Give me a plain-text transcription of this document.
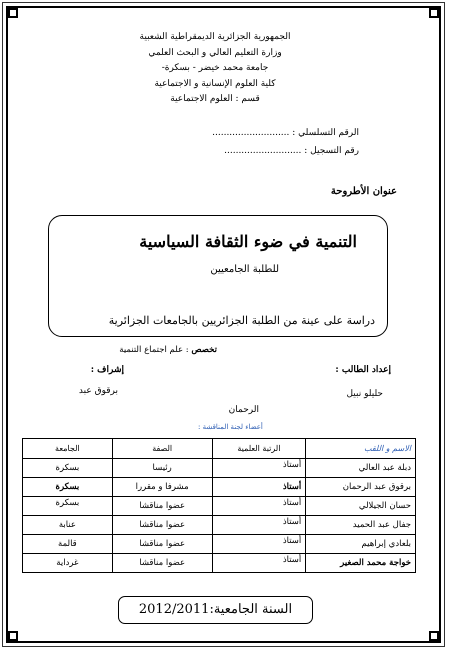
الجمهورية الجزائرية الديمقراطية الشعبية
وزارة التعليم العالي و البحث العلمي
جامعة محمد خيضر - بسكرة-
كلية العلوم الإنسانية و الاجتماعية
قسم : العلوم الاجتماعية
الرقم التسلسلي : ...........................
رقم التسجيل : ...........................
عنوان الأطروحة
التنمية في ضوء الثقافة السياسية
للطلبة الجامعيين
دراسة على عينة من الطلبة الجزائريين بالجامعات الجزائرية
تخصص : علم اجتماع التنمية
إعداد الطالب :
إشراف :
حليلو نبيل
برقوق عبد
الرحمان
أعضاء لجنة المناقشة :
الاسم و اللقب	الرتبة العلمية	الصفة	الجامعة
دبلة عبد العالي	أستاذ	رئيسا	بسكرة
برقوق عبد الرحمان	أستاذ	مشرفا و مقررا	بسكرة
حسان الجيلالي	أستاذ	عضوا مناقشا	بسكرة
جفال عبد الحميد	أستاذ	عضوا مناقشا	عنابة
بلعادي إبراهيم	أستاذ	عضوا مناقشا	قالمة
خواجة محمد الصغير	أستاذ	عضوا مناقشا	غرداية
السنة الجامعية:2012/2011
